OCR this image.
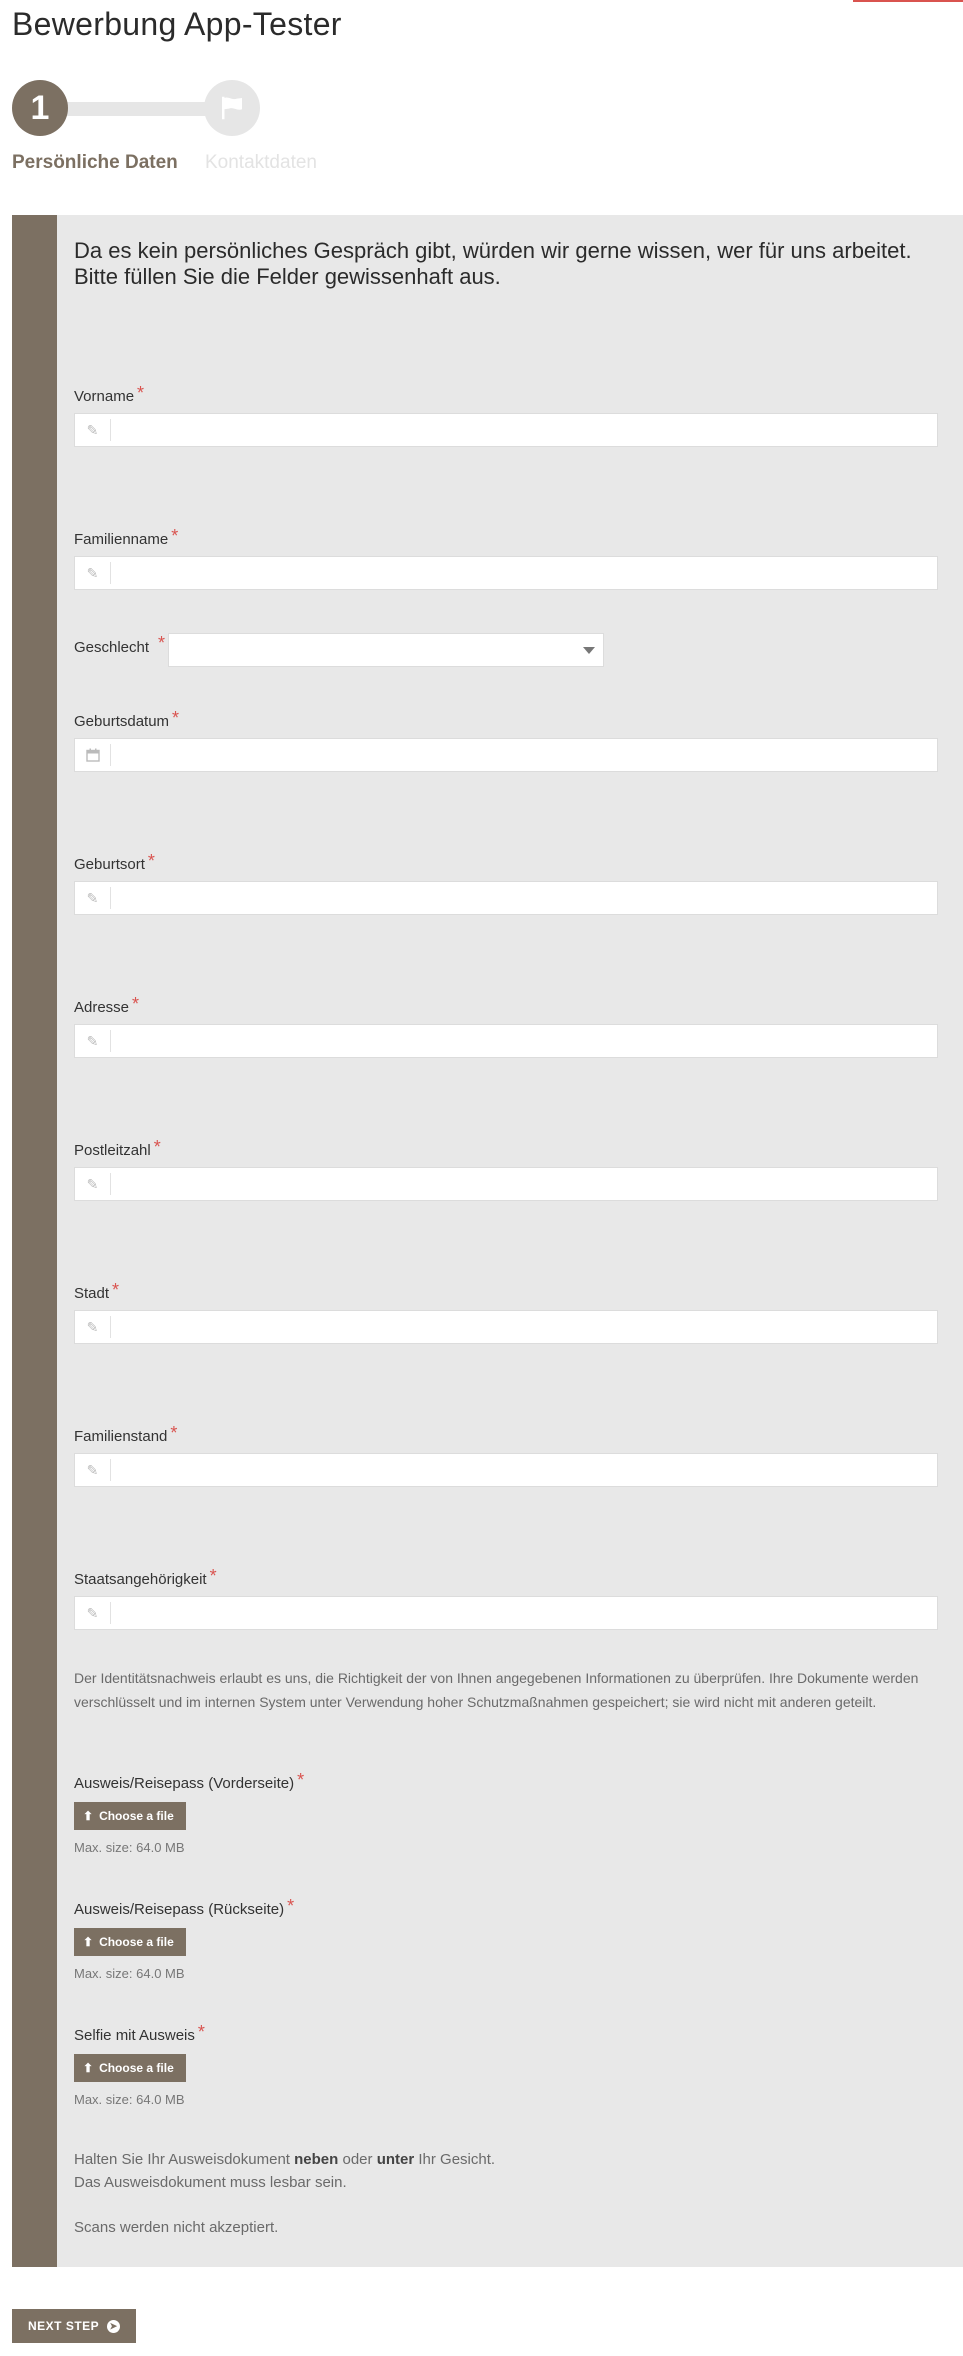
Bewerbung App-Tester
1
Persönliche Daten Kontaktdaten

Da es kein persönliches Gespräch gibt, würden wir gerne wissen, wer für uns arbeitet. Bitte füllen Sie die Felder gewissenhaft aus.

Vorname *
✎
Familienname *
✎
Geschlecht *
Geburtsdatum *
Geburtsort *
✎
Adresse *
✎
Postleitzahl *
✎
Stadt *
✎
Familienstand *
✎
Staatsangehörigkeit *
✎
Der Identitätsnachweis erlaubt es uns, die Richtigkeit der von Ihnen angegebenen Informationen zu überprüfen. Ihre Dokumente werden verschlüsselt und im internen System unter Verwendung hoher Schutzmaßnahmen gespeichert; sie wird nicht mit anderen geteilt.
Ausweis/Reisepass (Vorderseite) *
⬆ Choose a file
Max. size: 64.0 MB
Ausweis/Reisepass (Rückseite) *
⬆ Choose a file
Max. size: 64.0 MB
Selfie mit Ausweis *
⬆ Choose a file
Max. size: 64.0 MB
Halten Sie Ihr Ausweisdokument neben oder unter Ihr Gesicht.
Das Ausweisdokument muss lesbar sein.
Scans werden nicht akzeptiert.
NEXT STEP ➤
